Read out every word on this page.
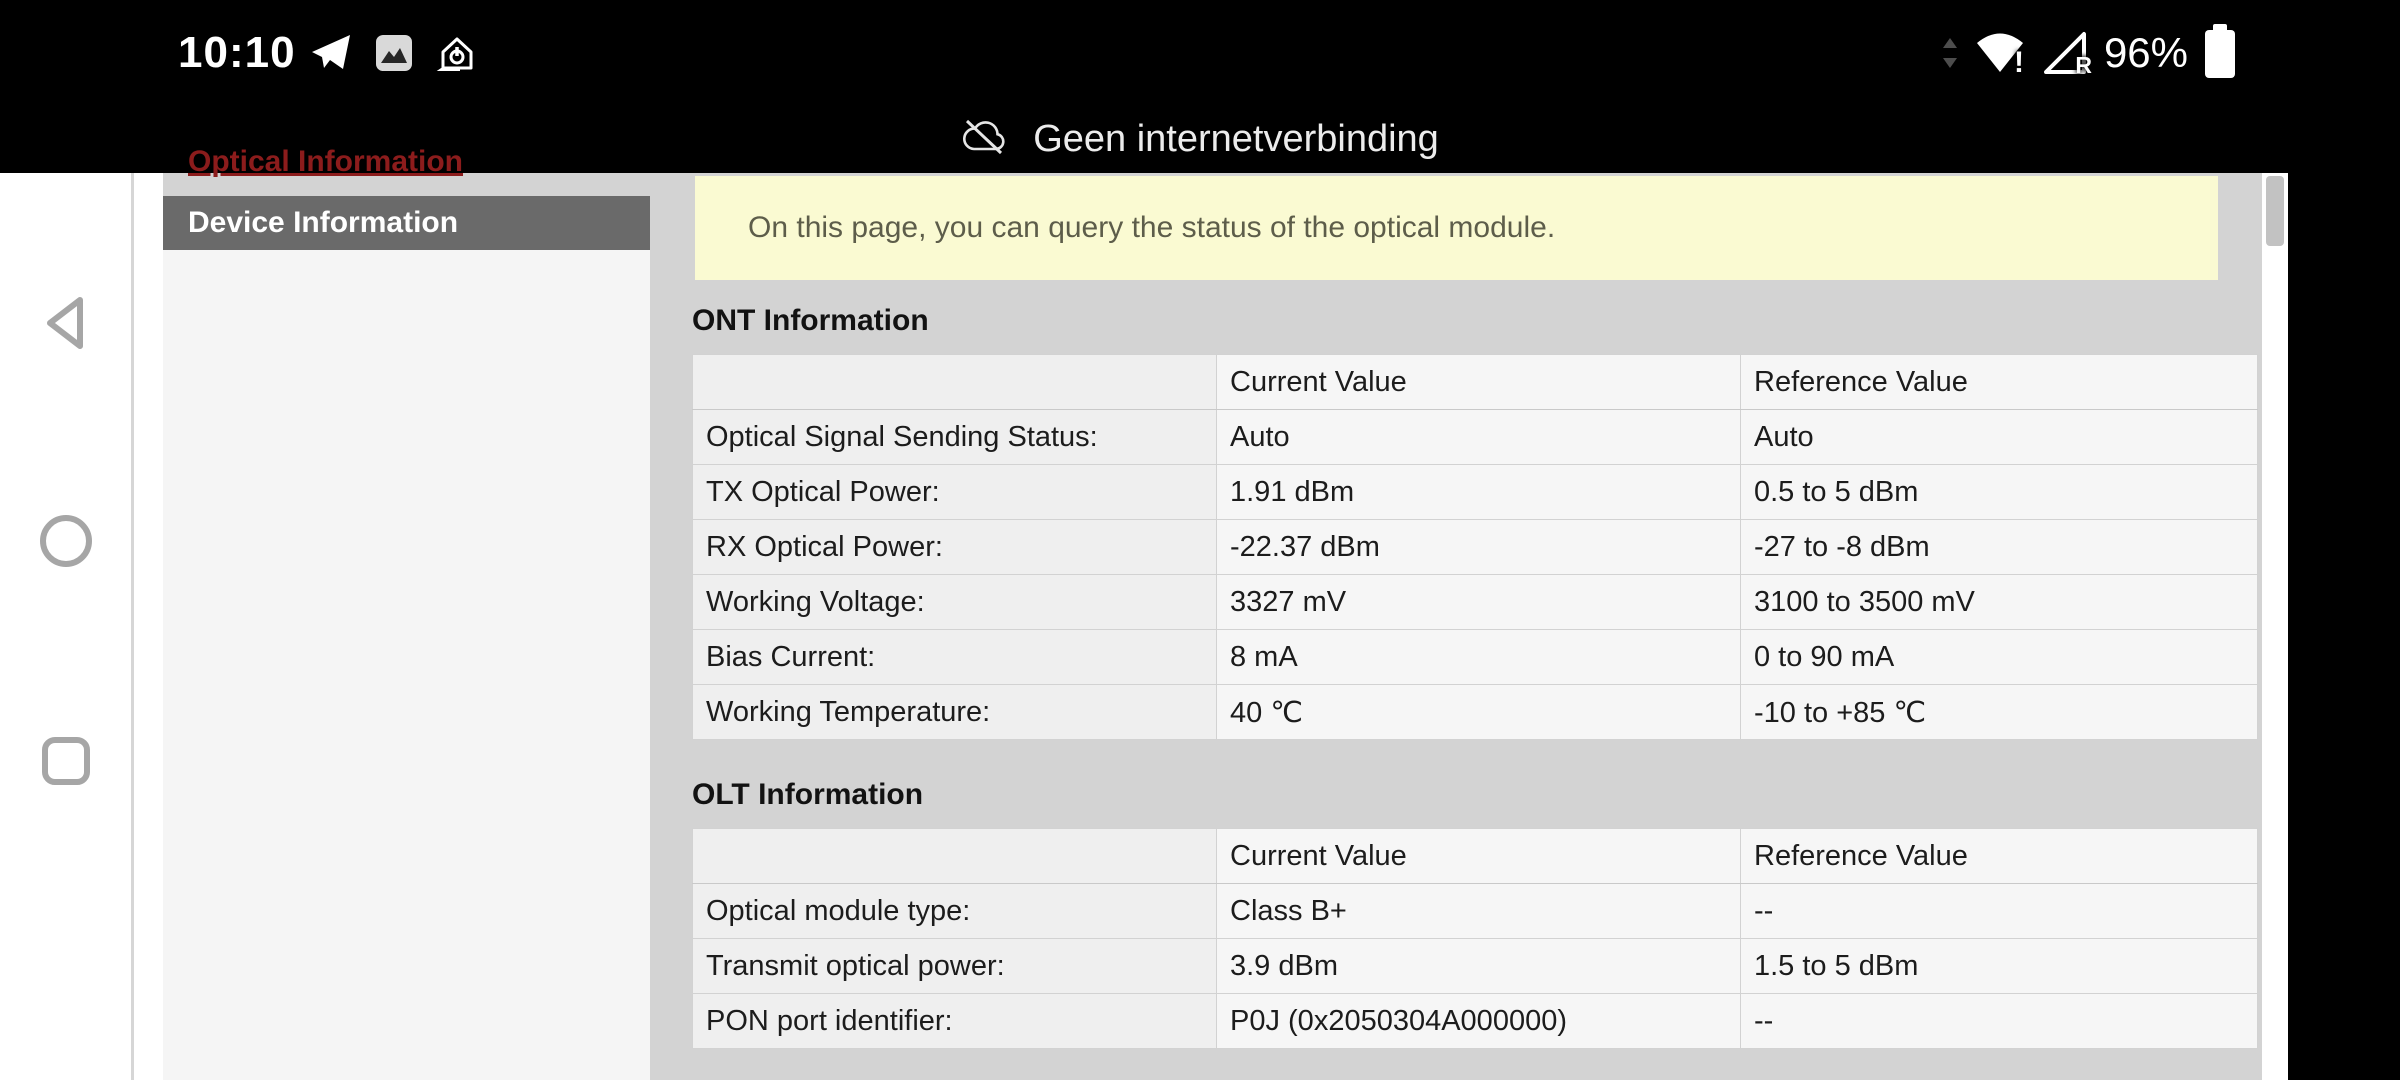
10:10	! R 96%
Geen internetverbinding
Optical Information
Device Information	On this page, you can query the status of the optical module.
ONT Information
	Current Value	Reference Value
Optical Signal Sending Status:	Auto	Auto
TX Optical Power:	1.91 dBm	0.5 to 5 dBm
RX Optical Power:	-22.37 dBm	-27 to -8 dBm
Working Voltage:	3327 mV	3100 to 3500 mV
Bias Current:	8 mA	0 to 90 mA
Working Temperature:	40 ℃	-10 to +85 ℃
OLT Information
	Current Value	Reference Value
Optical module type:	Class B+	--
Transmit optical power:	3.9 dBm	1.5 to 5 dBm
PON port identifier:	P0J (0x2050304A000000)	--
